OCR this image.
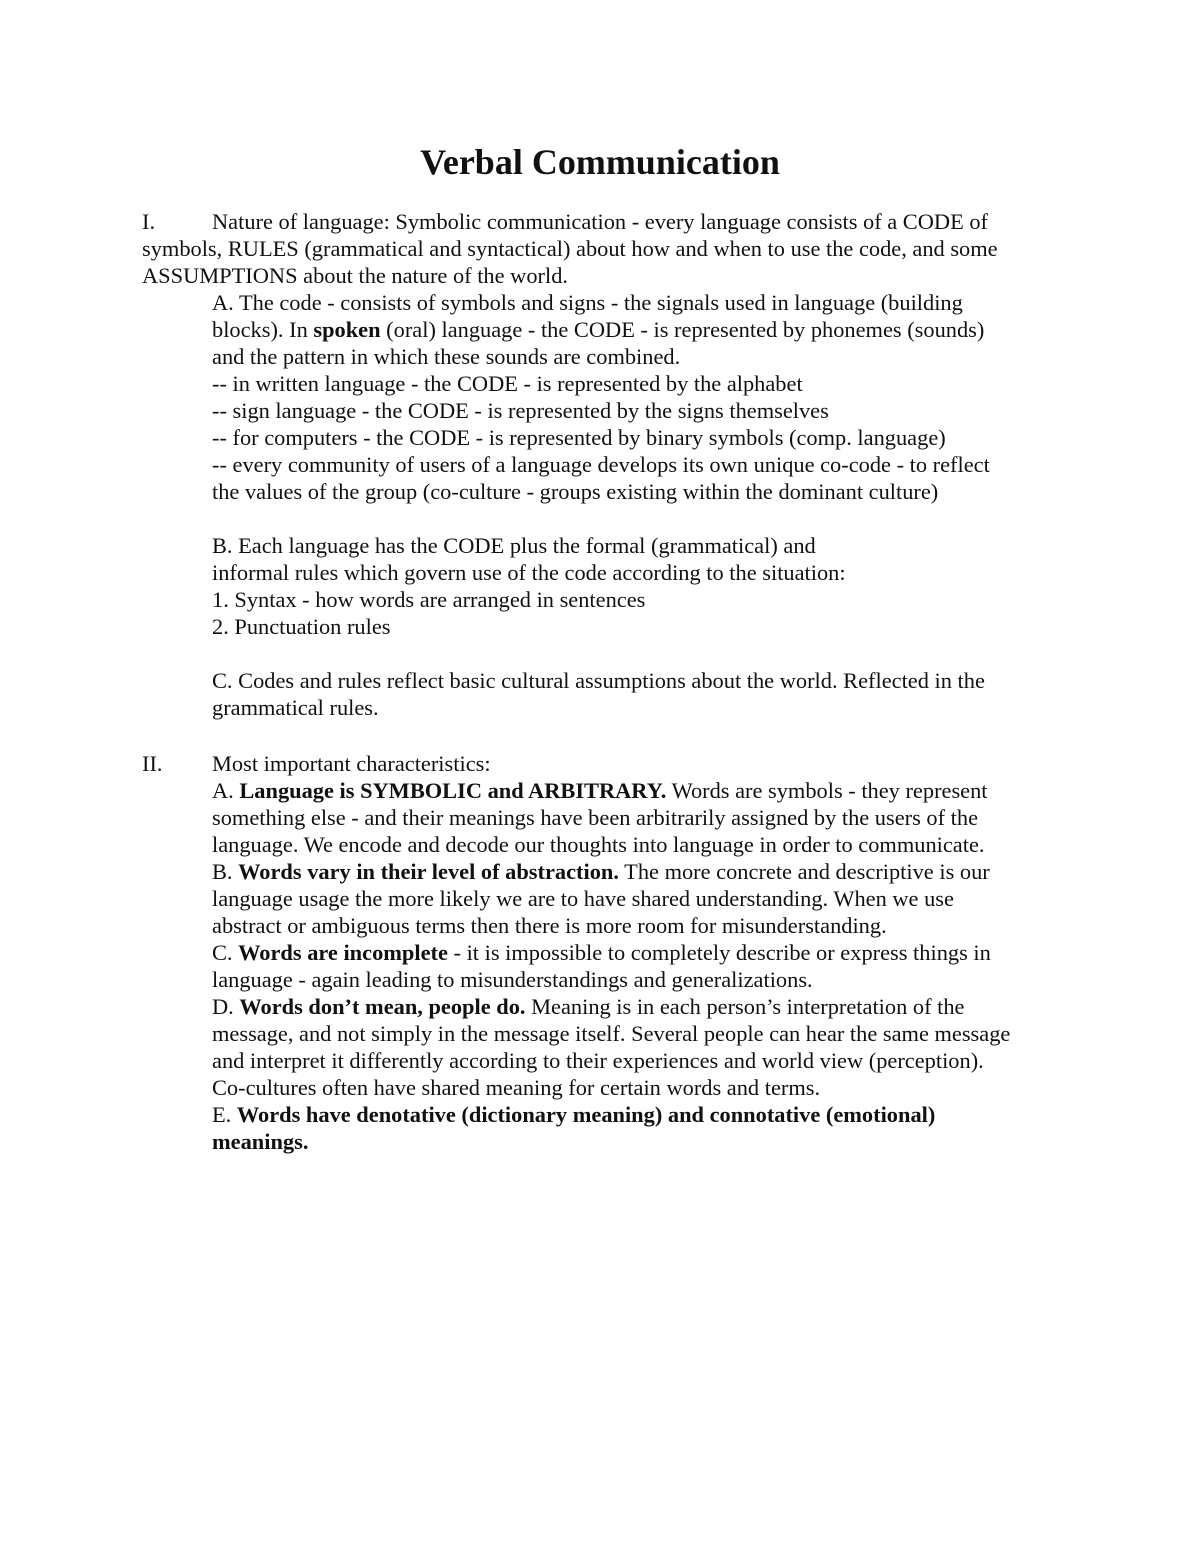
Verbal Communication
I.	Nature of language: Symbolic communication - every language consists of a CODE of
symbols, RULES (grammatical and syntactical) about how and when to use the code, and some
ASSUMPTIONS about the nature of the world.
A. The code - consists of symbols and signs - the signals used in language (building
blocks). In spoken (oral) language - the CODE - is represented by phonemes (sounds)
and the pattern in which these sounds are combined.
-- in written language - the CODE - is represented by the alphabet
-- sign language - the CODE - is represented by the signs themselves
-- for computers - the CODE - is represented by binary symbols (comp. language)
-- every community of users of a language develops its own unique co-code - to reflect
the values of the group (co-culture - groups existing within the dominant culture)
B. Each language has the CODE plus the formal (grammatical) and
informal rules which govern use of the code according to the situation:
1. Syntax - how words are arranged in sentences
2. Punctuation rules
C. Codes and rules reflect basic cultural assumptions about the world. Reflected in the
grammatical rules.
II. Most important characteristics:
A. Language is SYMBOLIC and ARBITRARY. Words are symbols - they represent
something else - and their meanings have been arbitrarily assigned by the users of the
language. We encode and decode our thoughts into language in order to communicate.
B. Words vary in their level of abstraction. The more concrete and descriptive is our
language usage the more likely we are to have shared understanding. When we use
abstract or ambiguous terms then there is more room for misunderstanding.
C. Words are incomplete - it is impossible to completely describe or express things in
language - again leading to misunderstandings and generalizations.
D. Words don’t mean, people do. Meaning is in each person’s interpretation of the
message, and not simply in the message itself. Several people can hear the same message
and interpret it differently according to their experiences and world view (perception).
Co-cultures often have shared meaning for certain words and terms.
E. Words have denotative (dictionary meaning) and connotative (emotional)
meanings.
